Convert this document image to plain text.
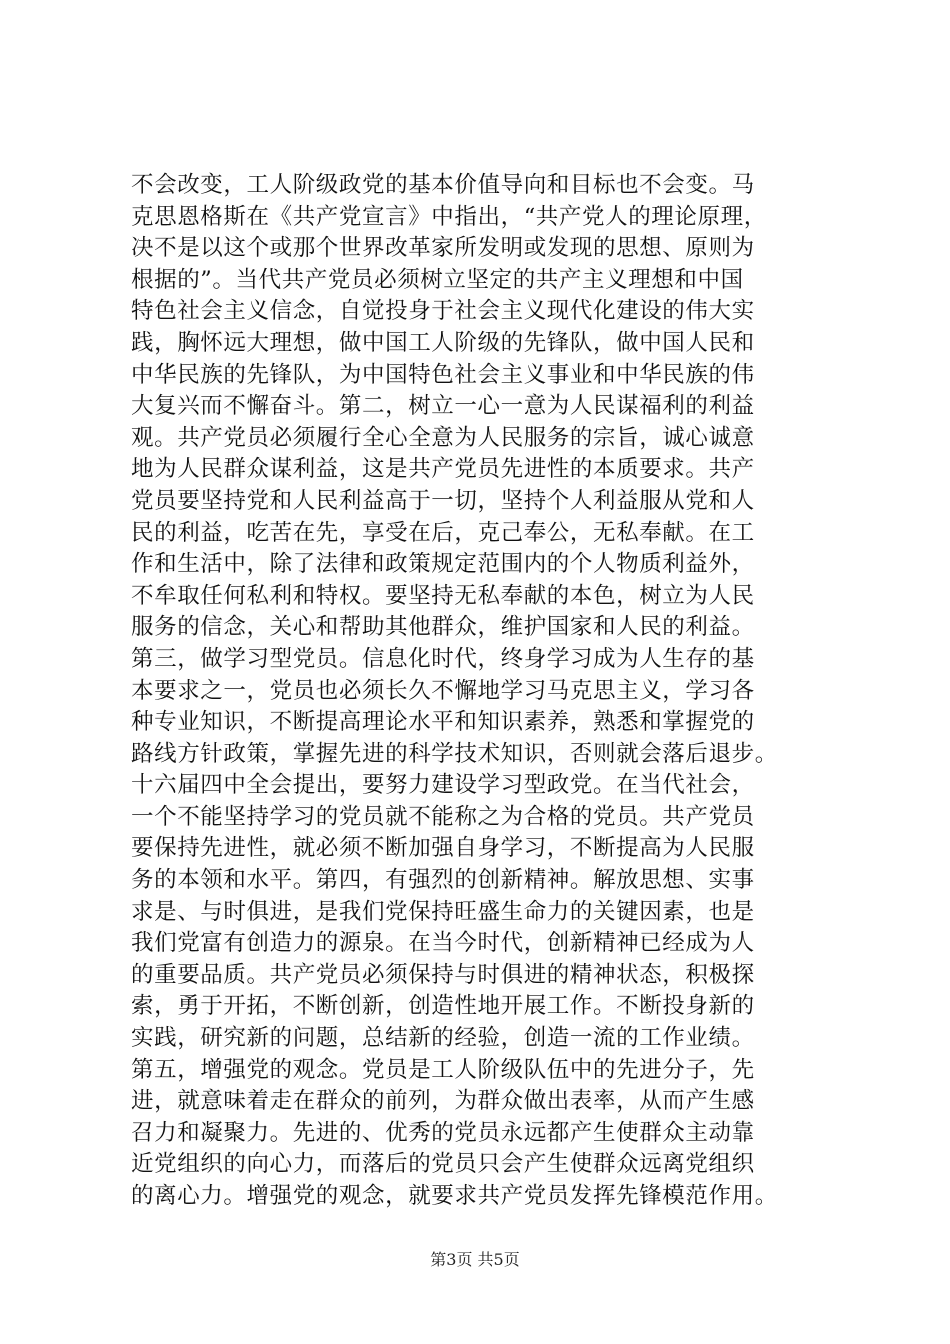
不会改变，工人阶级政党的基本价值导向和目标也不会变。马
克思恩格斯在《共产党宣言》中指出，“共产党人的理论原理，
决不是以这个或那个世界改革家所发明或发现的思想、原则为
根据的”。当代共产党员必须树立坚定的共产主义理想和中国
特色社会主义信念，自觉投身于社会主义现代化建设的伟大实
践，胸怀远大理想，做中国工人阶级的先锋队，做中国人民和
中华民族的先锋队，为中国特色社会主义事业和中华民族的伟
大复兴而不懈奋斗。第二，树立一心一意为人民谋福利的利益
观。共产党员必须履行全心全意为人民服务的宗旨，诚心诚意
地为人民群众谋利益，这是共产党员先进性的本质要求。共产
党员要坚持党和人民利益高于一切，坚持个人利益服从党和人
民的利益，吃苦在先，享受在后，克己奉公，无私奉献。在工
作和生活中，除了法律和政策规定范围内的个人物质利益外，
不牟取任何私利和特权。要坚持无私奉献的本色，树立为人民
服务的信念，关心和帮助其他群众，维护国家和人民的利益。
第三，做学习型党员。信息化时代，终身学习成为人生存的基
本要求之一，党员也必须长久不懈地学习马克思主义，学习各
种专业知识，不断提高理论水平和知识素养，熟悉和掌握党的
路线方针政策，掌握先进的科学技术知识，否则就会落后退步。
十六届四中全会提出，要努力建设学习型政党。在当代社会，
一个不能坚持学习的党员就不能称之为合格的党员。共产党员
要保持先进性，就必须不断加强自身学习，不断提高为人民服
务的本领和水平。第四，有强烈的创新精神。解放思想、实事
求是、与时俱进，是我们党保持旺盛生命力的关键因素，也是
我们党富有创造力的源泉。在当今时代，创新精神已经成为人
的重要品质。共产党员必须保持与时俱进的精神状态，积极探
索，勇于开拓，不断创新，创造性地开展工作。不断投身新的
实践，研究新的问题，总结新的经验，创造一流的工作业绩。
第五，增强党的观念。党员是工人阶级队伍中的先进分子，先
进，就意味着走在群众的前列，为群众做出表率，从而产生感
召力和凝聚力。先进的、优秀的党员永远都产生使群众主动靠
近党组织的向心力，而落后的党员只会产生使群众远离党组织
的离心力。增强党的观念，就要求共产党员发挥先锋模范作用。
第3页 共5页
